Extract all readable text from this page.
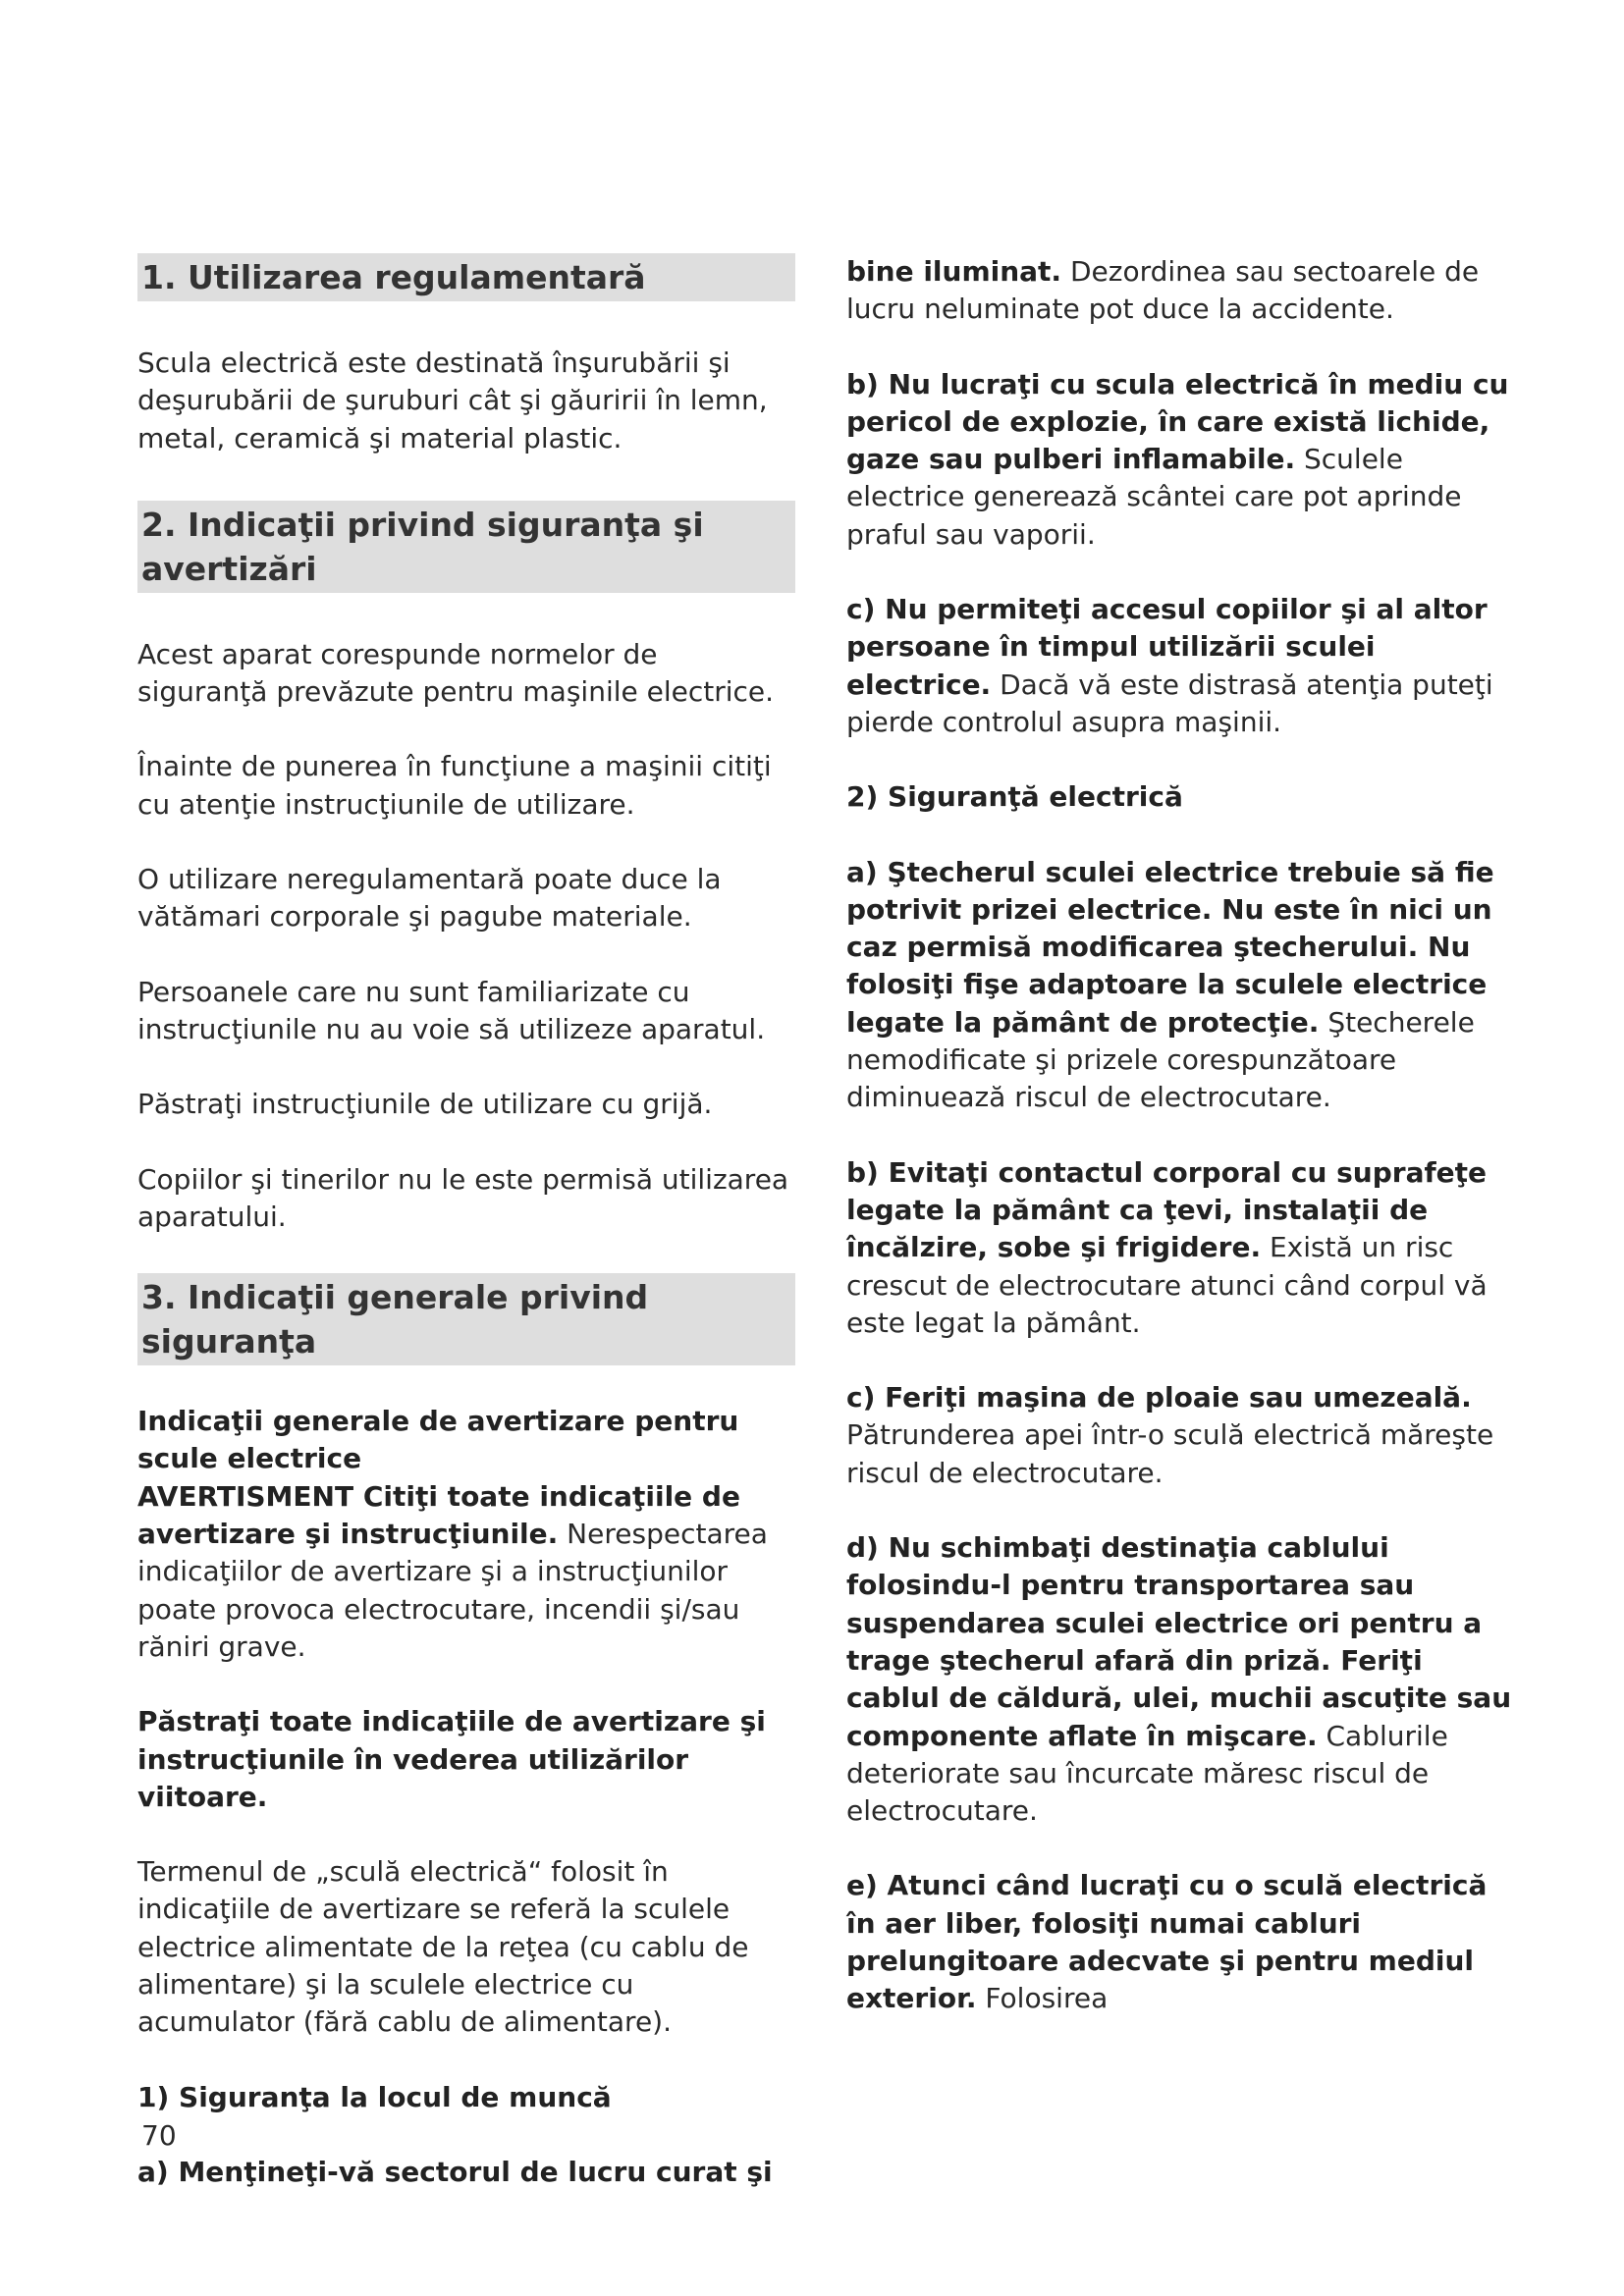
1. Utilizarea regulamentară

Scula electrică este destinată înşurubării şi deşurubării de şuruburi cât şi găuririi în lemn, metal, ceramică şi material plastic.

2. Indicaţii privind siguranţa şi avertizări

Acest aparat corespunde normelor de siguranţă prevăzute pentru maşinile electrice.

Înainte de punerea în funcţiune a maşinii citiţi cu atenţie instrucţiunile de utilizare.

O utilizare neregulamentară poate duce la vătămari corporale şi pagube materiale.

Persoanele care nu sunt familiarizate cu instrucţiunile nu au voie să utilizeze aparatul.

Păstraţi instrucţiunile de utilizare cu grijă.

Copiilor şi tinerilor nu le este permisă utilizarea aparatului.

3. Indicaţii generale privind siguranţa

Indicaţii generale de avertizare pentru scule electrice
AVERTISMENT Citiţi toate indicaţiile de avertizare şi instrucţiunile. Nerespectarea indicaţiilor de avertizare şi a instrucţiunilor poate provoca electrocutare, incendii şi/sau răniri grave.

Păstraţi toate indicaţiile de avertizare şi instrucţiunile în vederea utilizărilor viitoare.

Termenul de „sculă electrică“ folosit în indicaţiile de avertizare se referă la sculele electrice alimentate de la reţea (cu cablu de alimentare) şi la sculele electrice cu acumulator (fără cablu de alimentare).

1) Siguranţa la locul de muncă

a) Menţineţi-vă sectorul de lucru curat şi

bine iluminat. Dezordinea sau sectoarele de lucru neluminate pot duce la accidente.

b) Nu lucraţi cu scula electrică în mediu cu pericol de explozie, în care există lichide, gaze sau pulberi inflamabile. Sculele electrice generează scântei care pot aprinde praful sau vaporii.

c) Nu permiteţi accesul copiilor şi al altor persoane în timpul utilizării sculei electrice. Dacă vă este distrasă atenţia puteţi pierde controlul asupra maşinii.

2) Siguranţă electrică

a) Ştecherul sculei electrice trebuie să fie potrivit prizei electrice. Nu este în nici un caz permisă modificarea ştecherului. Nu folosiţi fişe adaptoare la sculele electrice legate la pământ de protecţie. Ştecherele nemodificate şi prizele corespunzătoare diminuează riscul de electrocutare.

b) Evitaţi contactul corporal cu suprafeţe legate la pământ ca ţevi, instalaţii de încălzire, sobe şi frigidere. Există un risc crescut de electrocutare atunci când corpul vă este legat la pământ.

c) Feriţi maşina de ploaie sau umezeală. Pătrunderea apei într-o sculă electrică măreşte riscul de electrocutare.

d) Nu schimbaţi destinaţia cablului folosindu-l pentru transportarea sau suspendarea sculei electrice ori pentru a trage ştecherul afară din priză. Feriţi cablul de căldură, ulei, muchii ascuţite sau componente aflate în mişcare. Cablurile deteriorate sau încurcate măresc riscul de electrocutare.

e) Atunci când lucraţi cu o sculă electrică în aer liber, folosiţi numai cabluri prelungitoare adecvate şi pentru mediul exterior. Folosirea

70
